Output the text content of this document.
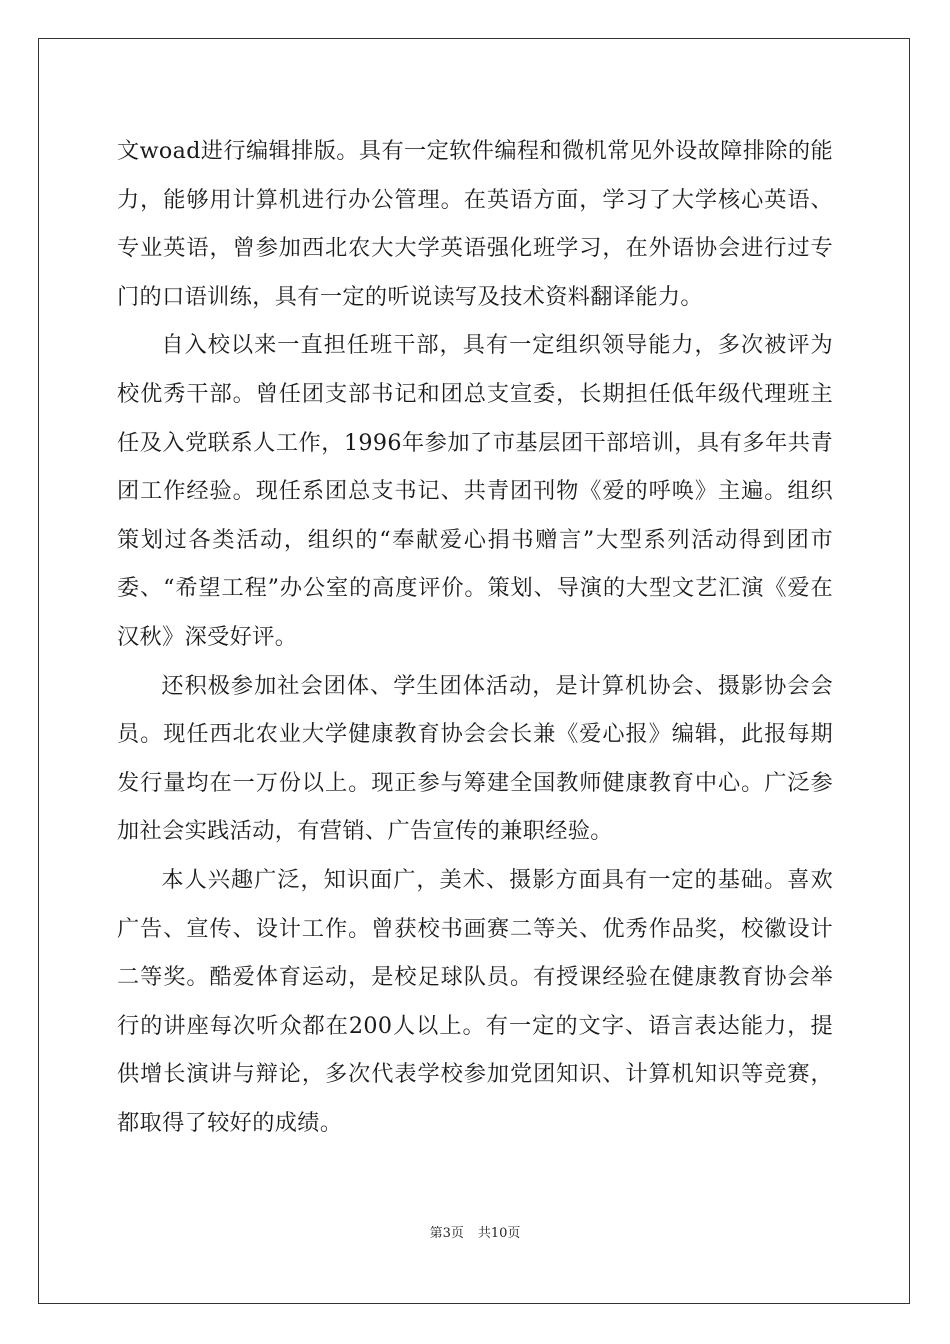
文woad进行编辑排版。具有一定软件编程和微机常见外设故障排除的能力，能够用计算机进行办公管理。在英语方面，学习了大学核心英语、专业英语，曾参加西北农大大学英语强化班学习，在外语协会进行过专门的口语训练，具有一定的听说读写及技术资料翻译能力。

自入校以来一直担任班干部，具有一定组织领导能力，多次被评为校优秀干部。曾任团支部书记和团总支宣委，长期担任低年级代理班主任及入党联系人工作，1996年参加了市基层团干部培训，具有多年共青团工作经验。现任系团总支书记、共青团刊物《爱的呼唤》主遍。组织策划过各类活动，组织的“奉献爱心捐书赠言”大型系列活动得到团市委、“希望工程”办公室的高度评价。策划、导演的大型文艺汇演《爱在汉秋》深受好评。

还积极参加社会团体、学生团体活动，是计算机协会、摄影协会会员。现任西北农业大学健康教育协会会长兼《爱心报》编辑，此报每期发行量均在一万份以上。现正参与筹建全国教师健康教育中心。广泛参加社会实践活动，有营销、广告宣传的兼职经验。

本人兴趣广泛，知识面广，美术、摄影方面具有一定的基础。喜欢广告、宣传、设计工作。曾获校书画赛二等关、优秀作品奖，校徽设计二等奖。酷爱体育运动，是校足球队员。有授课经验在健康教育协会举行的讲座每次听众都在200人以上。有一定的文字、语言表达能力，提供增长演讲与辩论，多次代表学校参加党团知识、计算机知识等竞赛，都取得了较好的成绩。

第3页 共10页
